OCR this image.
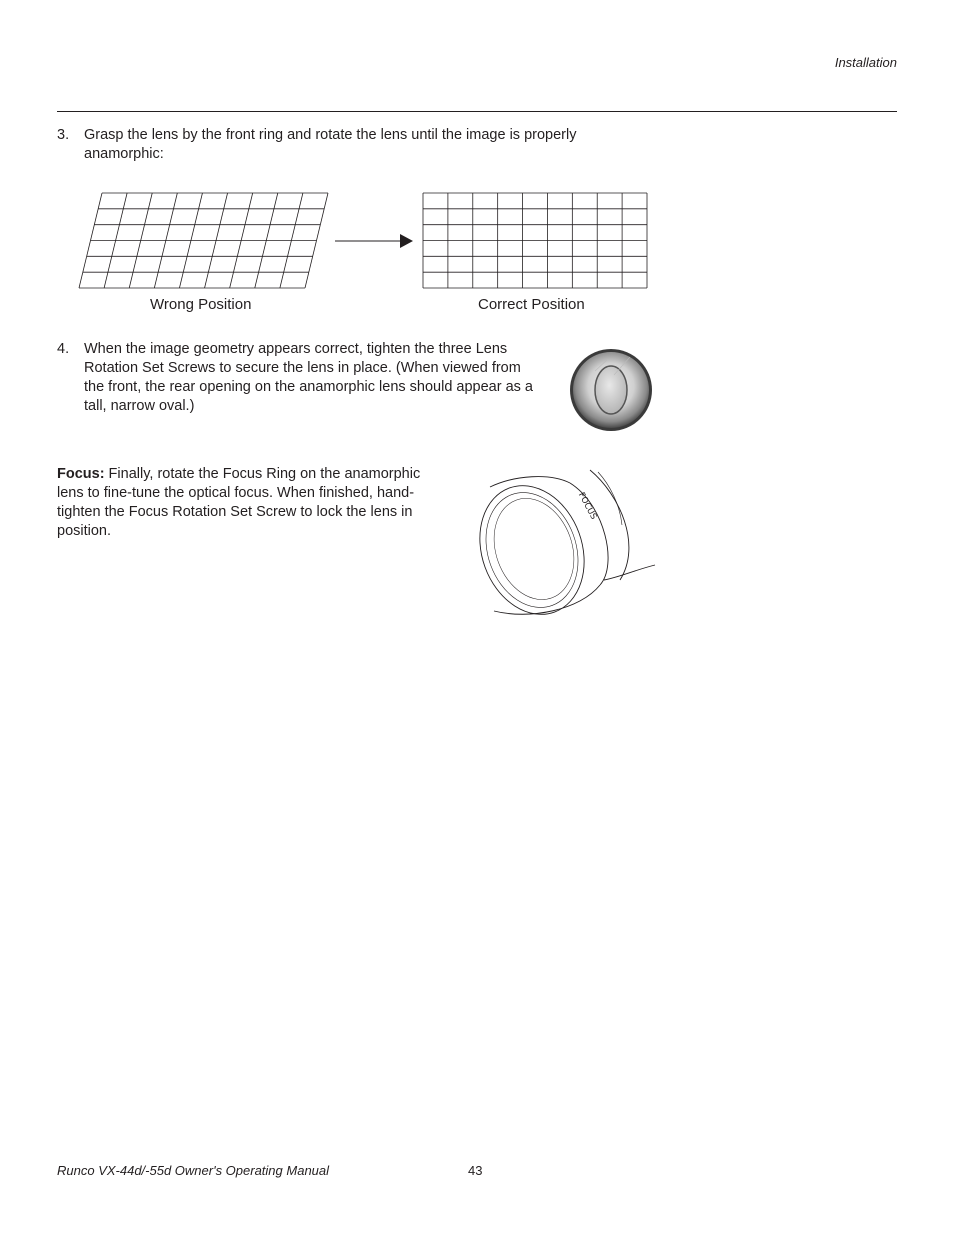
Installation
3. Grasp the lens by the front ring and rotate the lens until the image is properly anamorphic:
Wrong Position	Correct Position
4. When the image geometry appears correct, tighten the three Lens Rotation Set Screws to secure the lens in place. (When viewed from the front, the rear opening on the anamorphic lens should appear as a tall, narrow oval.)
Focus: Finally, rotate the Focus Ring on the anamorphic lens to fine-tune the optical focus. When finished, hand-tighten the Focus Rotation Set Screw to lock the lens in position.
FOCUS
Runco VX-44d/-55d Owner's Operating Manual	43
